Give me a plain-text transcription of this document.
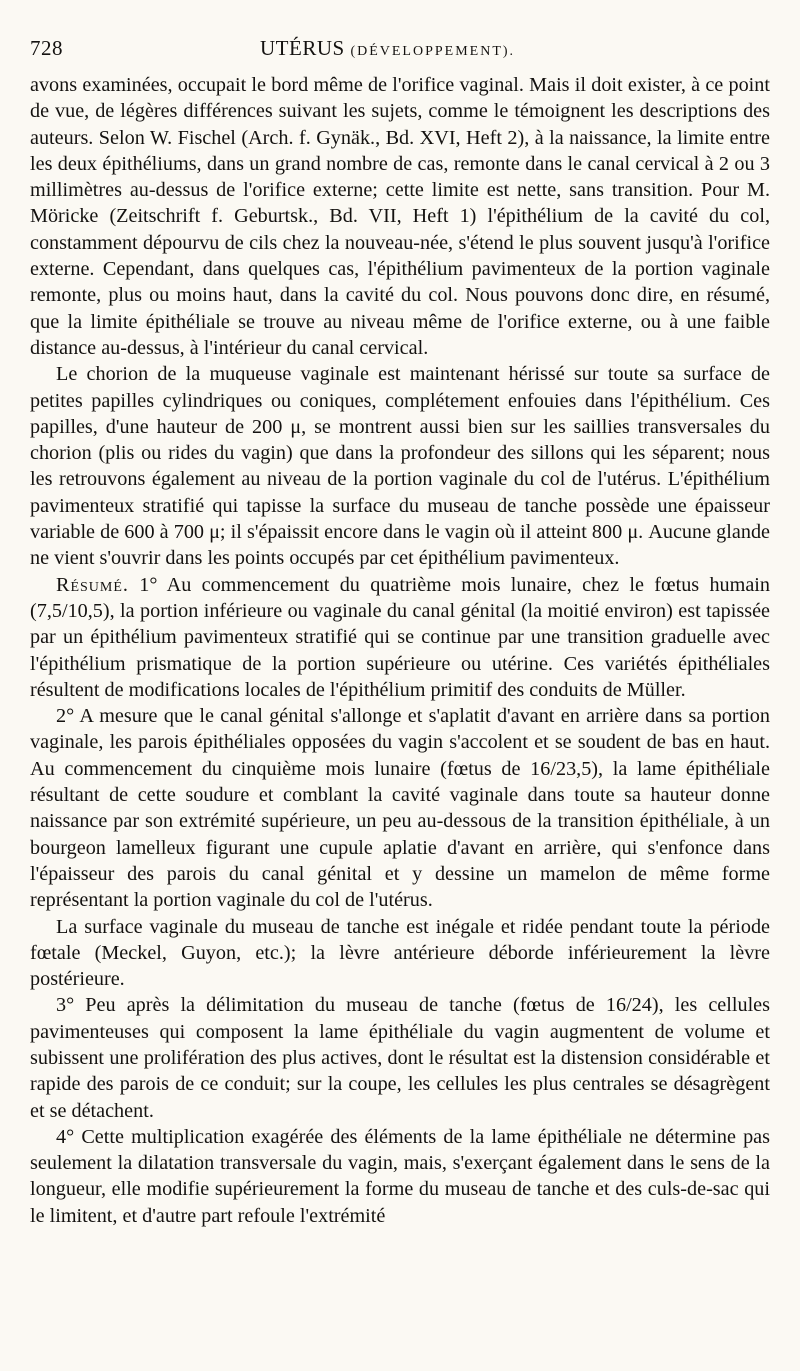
728	UTÉRUS (DÉVELOPPEMENT).

avons examinées, occupait le bord même de l'orifice vaginal. Mais il doit exister, à ce point de vue, de légères différences suivant les sujets, comme le témoignent les descriptions des auteurs. Selon W. Fischel (Arch. f. Gynäk., Bd. XVI, Heft 2), à la naissance, la limite entre les deux épithéliums, dans un grand nombre de cas, remonte dans le canal cervical à 2 ou 3 millimètres au-dessus de l'orifice externe; cette limite est nette, sans transition. Pour M. Möricke (Zeitschrift f. Geburtsk., Bd. VII, Heft 1) l'épithélium de la cavité du col, constamment dépourvu de cils chez la nouveau-née, s'étend le plus souvent jusqu'à l'orifice externe. Cependant, dans quelques cas, l'épithélium pavimenteux de la portion vaginale remonte, plus ou moins haut, dans la cavité du col. Nous pouvons donc dire, en résumé, que la limite épithéliale se trouve au niveau même de l'orifice externe, ou à une faible distance au-dessus, à l'intérieur du canal cervical.

Le chorion de la muqueuse vaginale est maintenant hérissé sur toute sa surface de petites papilles cylindriques ou coniques, complétement enfouies dans l'épithélium. Ces papilles, d'une hauteur de 200 μ, se montrent aussi bien sur les saillies transversales du chorion (plis ou rides du vagin) que dans la profondeur des sillons qui les séparent; nous les retrouvons également au niveau de la portion vaginale du col de l'utérus. L'épithélium pavimenteux stratifié qui tapisse la surface du museau de tanche possède une épaisseur variable de 600 à 700 μ; il s'épaissit encore dans le vagin où il atteint 800 μ. Aucune glande ne vient s'ouvrir dans les points occupés par cet épithélium pavimenteux.

Résumé. 1° Au commencement du quatrième mois lunaire, chez le fœtus humain (7,5/10,5), la portion inférieure ou vaginale du canal génital (la moitié environ) est tapissée par un épithélium pavimenteux stratifié qui se continue par une transition graduelle avec l'épithélium prismatique de la portion supérieure ou utérine. Ces variétés épithéliales résultent de modifications locales de l'épithélium primitif des conduits de Müller.

2° A mesure que le canal génital s'allonge et s'aplatit d'avant en arrière dans sa portion vaginale, les parois épithéliales opposées du vagin s'accolent et se soudent de bas en haut. Au commencement du cinquième mois lunaire (fœtus de 16/23,5), la lame épithéliale résultant de cette soudure et comblant la cavité vaginale dans toute sa hauteur donne naissance par son extrémité supérieure, un peu au-dessous de la transition épithéliale, à un bourgeon lamelleux figurant une cupule aplatie d'avant en arrière, qui s'enfonce dans l'épaisseur des parois du canal génital et y dessine un mamelon de même forme représentant la portion vaginale du col de l'utérus.

La surface vaginale du museau de tanche est inégale et ridée pendant toute la période fœtale (Meckel, Guyon, etc.); la lèvre antérieure déborde inférieurement la lèvre postérieure.

3° Peu après la délimitation du museau de tanche (fœtus de 16/24), les cellules pavimenteuses qui composent la lame épithéliale du vagin augmentent de volume et subissent une prolifération des plus actives, dont le résultat est la distension considérable et rapide des parois de ce conduit; sur la coupe, les cellules les plus centrales se désagrègent et se détachent.

4° Cette multiplication exagérée des éléments de la lame épithéliale ne détermine pas seulement la dilatation transversale du vagin, mais, s'exerçant également dans le sens de la longueur, elle modifie supérieurement la forme du museau de tanche et des culs-de-sac qui le limitent, et d'autre part refoule l'extrémité
